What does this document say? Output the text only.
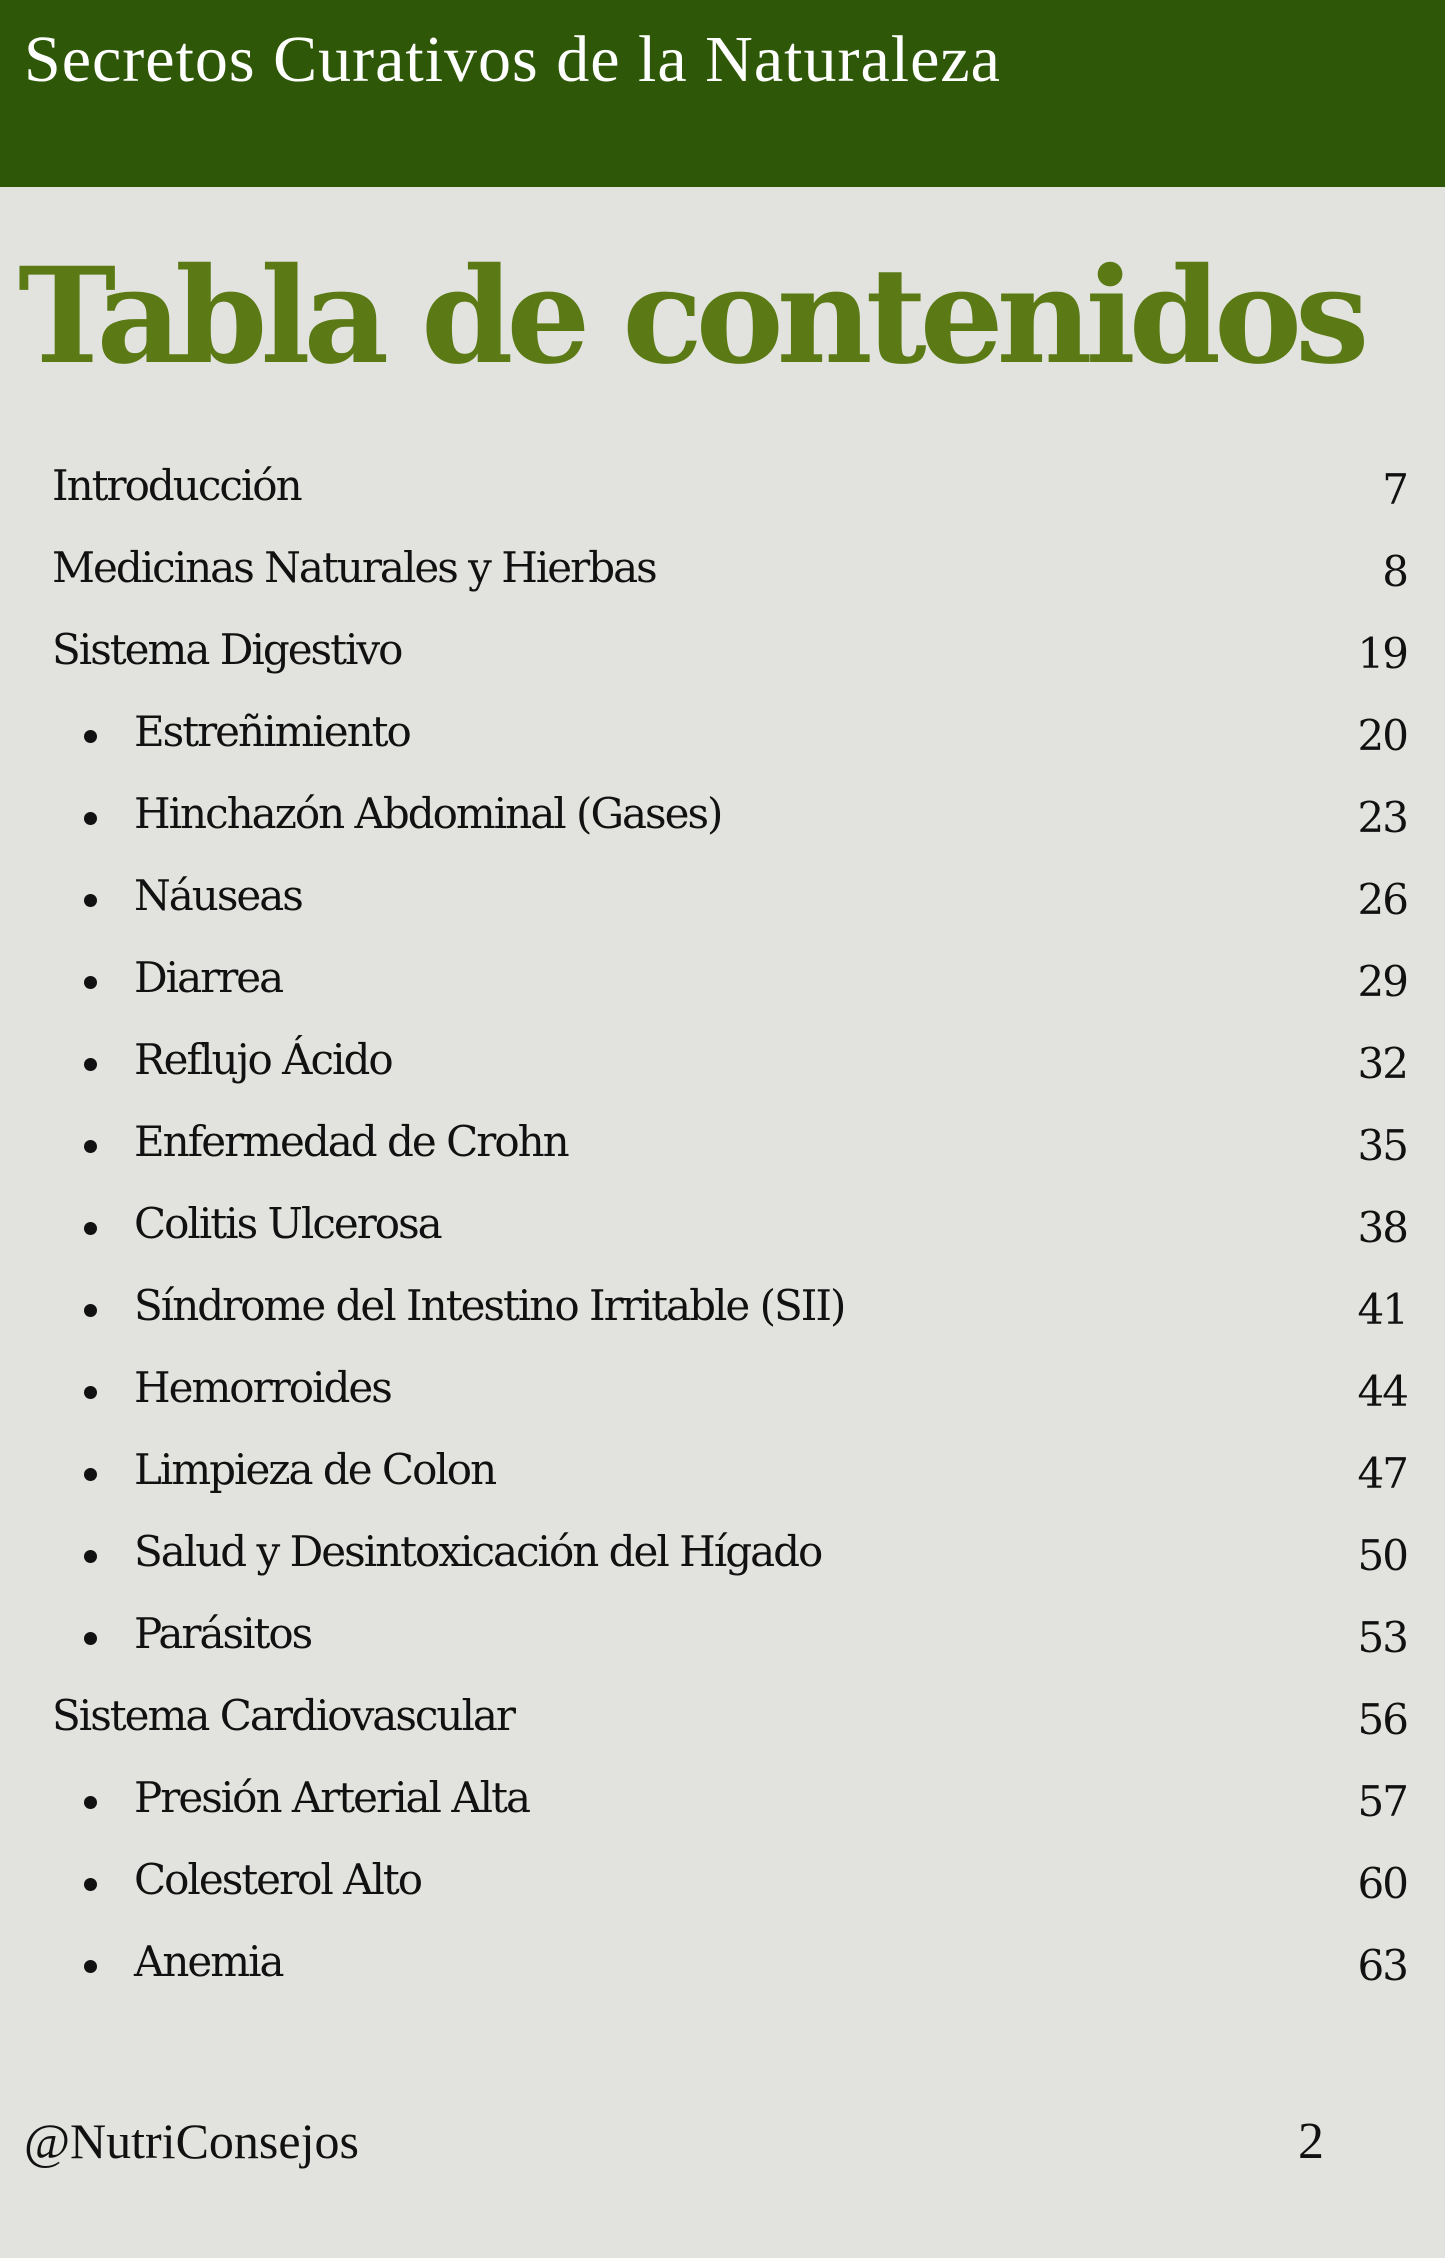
Secretos Curativos de la Naturaleza
Tabla de contenidos
Introducción	7
Medicinas Naturales y Hierbas	8
Sistema Digestivo	19
Estreñimiento	20
Hinchazón Abdominal (Gases)	23
Náuseas	26
Diarrea	29
Reflujo Ácido	32
Enfermedad de Crohn	35
Colitis Ulcerosa	38
Síndrome del Intestino Irritable (SII)	41
Hemorroides	44
Limpieza de Colon	47
Salud y Desintoxicación del Hígado	50
Parásitos	53
Sistema Cardiovascular	56
Presión Arterial Alta	57
Colesterol Alto	60
Anemia	63
@NutriConsejos	2
